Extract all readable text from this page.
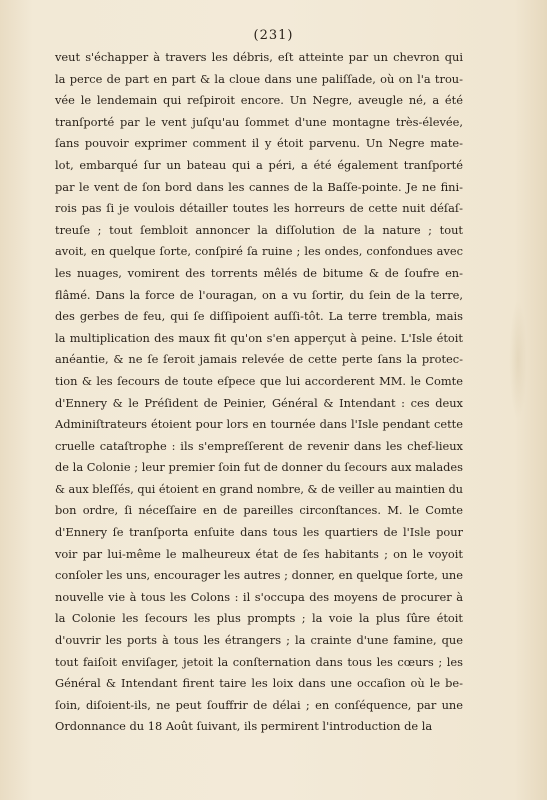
(231)
veut s'échapper à travers les débris, eſt atteinte par un chevron qui
la perce de part en part & la cloue dans une paliſſade, où on l'a trou-
vée le lendemain qui reſpiroit encore. Un Negre, aveugle né, a été
tranſporté par le vent juſqu'au ſommet d'une montagne très-élevée,
ſans pouvoir exprimer comment il y étoit parvenu. Un Negre mate-
lot, embarqué ſur un bateau qui a péri, a été également tranſporté
par le vent de ſon bord dans les cannes de la Baſſe-pointe. Je ne fini-
rois pas ſi je voulois détailler toutes les horreurs de cette nuit déſaſ-
treuſe ; tout ſembloit annoncer la diſſolution de la nature ; tout
avoit, en quelque ſorte, conſpiré ſa ruine ; les ondes, confondues avec
les nuages, vomirent des torrents mêlés de bitume & de ſoufre en-
flâmé. Dans la force de l'ouragan, on a vu ſortir, du ſein de la terre,
des gerbes de feu, qui ſe diſſipoient auſſi-tôt. La terre trembla, mais
la multiplication des maux fit qu'on s'en apperçut à peine. L'Isle étoit
anéantie, & ne ſe ſeroit jamais relevée de cette perte ſans la protec-
tion & les ſecours de toute eſpece que lui accorderent MM. le Comte
d'Ennery & le Préſident de Peinier, Général & Intendant : ces deux
Adminiſtrateurs étoient pour lors en tournée dans l'Isle pendant cette
cruelle cataſtrophe : ils s'empreſſerent de revenir dans les chef-lieux
de la Colonie ; leur premier ſoin fut de donner du ſecours aux malades
& aux bleſſés, qui étoient en grand nombre, & de veiller au maintien du
bon ordre, ſi néceſſaire en de pareilles circonſtances. M. le Comte
d'Ennery ſe tranſporta enſuite dans tous les quartiers de l'Isle pour
voir par lui-même le malheureux état de ſes habitants ; on le voyoit
conſoler les uns, encourager les autres ; donner, en quelque ſorte, une
nouvelle vie à tous les Colons : il s'occupa des moyens de procurer à
la Colonie les ſecours les plus prompts ; la voie la plus ſûre étoit
d'ouvrir les ports à tous les étrangers ; la crainte d'une famine, que
tout faiſoit enviſager, jetoit la conſternation dans tous les cœurs ; les
Général & Intendant firent taire les loix dans une occaſion où le be-
ſoin, diſoient-ils, ne peut ſouffrir de délai ; en conſéquence, par une
Ordonnance du 18 Août ſuivant, ils permirent l'introduction de la
